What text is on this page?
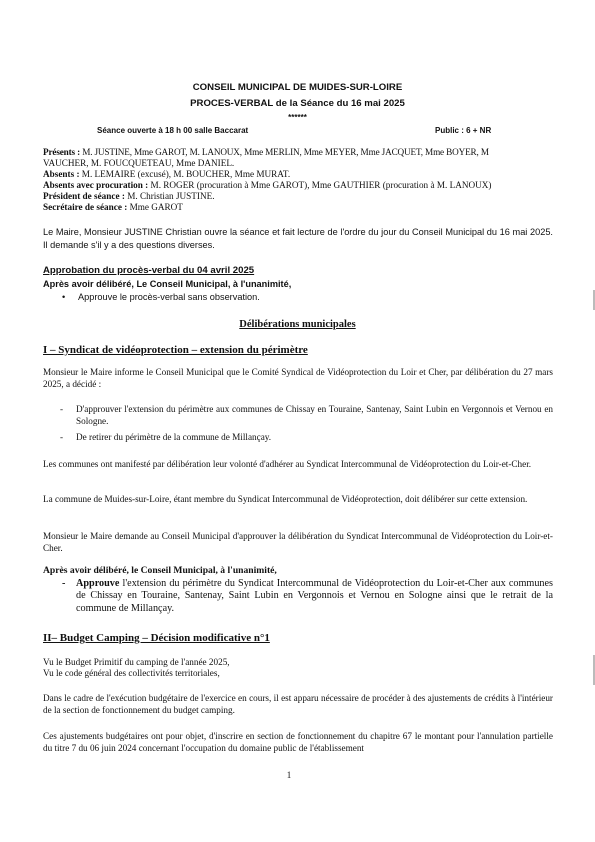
CONSEIL MUNICIPAL DE MUIDES-SUR-LOIRE
PROCES-VERBAL de la Séance du 16 mai 2025
******
Séance ouverte à 18 h 00 salle Baccarat	Public : 6 + NR
Présents : M. JUSTINE, Mme GAROT, M. LANOUX, Mme MERLIN, Mme MEYER, Mme JACQUET, Mme BOYER, M
VAUCHER, M. FOUCQUETEAU, Mme DANIEL.
Absents : M. LEMAIRE (excusé), M. BOUCHER, Mme MURAT.
Absents avec procuration : M. ROGER (procuration à Mme GAROT), Mme GAUTHIER (procuration à M. LANOUX)
Président de séance : M. Christian JUSTINE.
Secrétaire de séance : Mme GAROT

Le Maire, Monsieur JUSTINE Christian ouvre la séance et fait lecture de l'ordre du jour du Conseil Municipal du 16 mai 2025. Il demande s'il y a des questions diverses.

Approbation du procès-verbal du 04 avril 2025
Après avoir délibéré, Le Conseil Municipal, à l'unanimité,
• Approuve le procès-verbal sans observation.
Délibérations municipales
I – Syndicat de vidéoprotection – extension du périmètre

Monsieur le Maire informe le Conseil Municipal que le Comité Syndical de Vidéoprotection du Loir et Cher, par délibération du 27 mars 2025, a décidé :

- D'approuver l'extension du périmètre aux communes de Chissay en Touraine, Santenay, Saint Lubin en Vergonnois et Vernou en Sologne.

- De retirer du périmètre de la commune de Millançay.

Les communes ont manifesté par délibération leur volonté d'adhérer au Syndicat Intercommunal de Vidéoprotection du Loir-et-Cher.

La commune de Muides-sur-Loire, étant membre du Syndicat Intercommunal de Vidéoprotection, doit délibérer sur cette extension.

Monsieur le Maire demande au Conseil Municipal d'approuver la délibération du Syndicat Intercommunal de Vidéoprotection du Loir-et-Cher.

Après avoir délibéré, le Conseil Municipal, à l'unanimité,
- Approuve l'extension du périmètre du Syndicat Intercommunal de Vidéoprotection du Loir-et-Cher aux communes de Chissay en Touraine, Santenay, Saint Lubin en Vergonnois et Vernou en Sologne ainsi que le retrait de la commune de Millançay.

II– Budget Camping – Décision modificative n°1
Vu le Budget Primitif du camping de l'année 2025,
Vu le code général des collectivités territoriales,

Dans le cadre de l'exécution budgétaire de l'exercice en cours, il est apparu nécessaire de procéder à des ajustements de crédits à l'intérieur de la section de fonctionnement du budget camping.

Ces ajustements budgétaires ont pour objet, d'inscrire en section de fonctionnement du chapitre 67 le montant pour l'annulation partielle du titre 7 du 06 juin 2024 concernant l'occupation du domaine public de l'établissement

1
